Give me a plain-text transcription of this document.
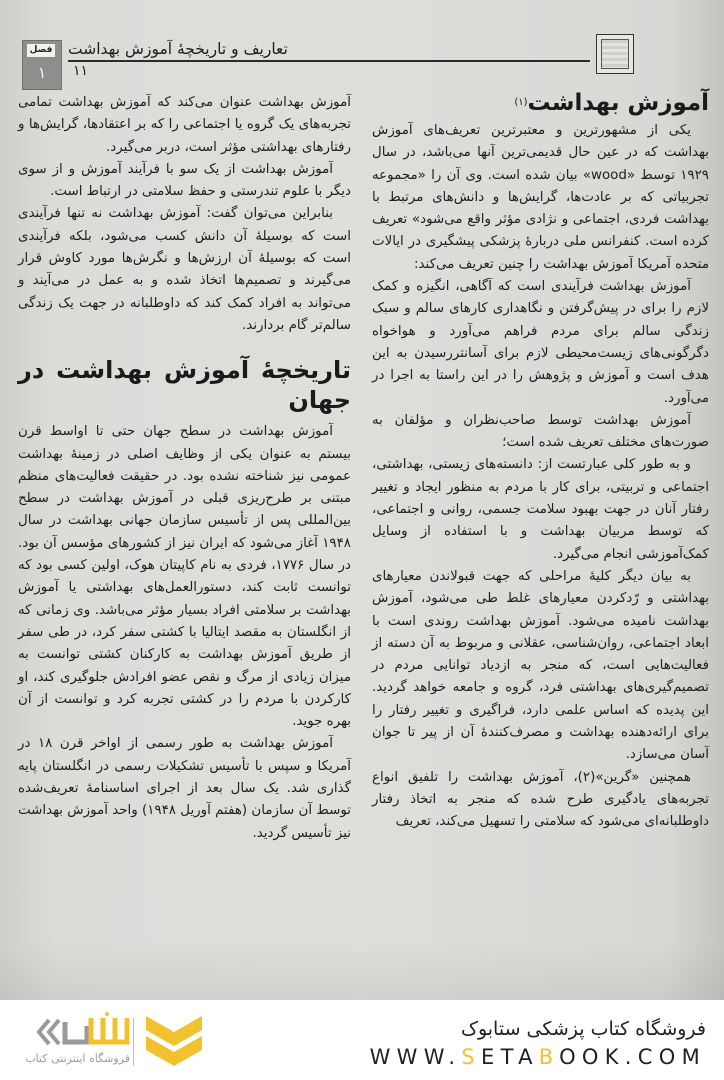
فصل
۱
تعاریف و تاریخچهٔ آموزش بهداشت
۱۱
آموزش بهداشت$^{(۱)}$

یکی از مشهورترین و معتبرترین تعریف‌های آموزش بهداشت که در عین حال قدیمی‌ترین آنها می‌باشد، در سال ۱۹۲۹ توسط «wood» بیان شده است. وی آن را «مجموعه تجربیاتی که بر عادت‌ها، گرایش‌ها و دانش‌های مرتبط با بهداشت فردی، اجتماعی و نژادی مؤثر واقع می‌شود» تعریف کرده است. کنفرانس ملی دربارهٔ پزشکی پیشگیری در ایالات متحده آمریکا آموزش بهداشت را چنین تعریف می‌کند:

آموزش بهداشت فرآیندی است که آگاهی، انگیزه و کمک لازم را برای در پیش‌گرفتن و نگاهداری کارهای سالم و سبک زندگی سالم برای مردم فراهم می‌آورد و هواخواه دگرگونی‌های زیست‌محیطی لازم برای آسانتررسیدن به این هدف است و آموزش و پژوهش را در این راستا به اجرا در می‌آورد.

آموزش بهداشت توسط صاحب‌نظران و مؤلفان به صورت‌های مختلف تعریف شده است؛

و به طور کلی عبارتست از: دانسته‌های زیستی، بهداشتی، اجتماعی و تربیتی، برای کار با مردم به منظور ایجاد و تغییر رفتار آنان در جهت بهبود سلامت جسمی، روانی و اجتماعی، که توسط مربیان بهداشت و با استفاده از وسایل کمک‌آموزشی انجام می‌گیرد.

به بیان دیگر کلیهٔ مراحلی که جهت قبولاندن معیارهای بهداشتی و رّدکردن معیارهای غلط طی می‌شود، آموزش بهداشت نامیده می‌شود. آموزش بهداشت روندی است با ابعاد اجتماعی، روان‌شناسی، عقلانی و مربوط به آن دسته از فعالیت‌هایی است، که منجر به ازدیاد توانایی مردم در تصمیم‌گیری‌های بهداشتی فرد، گروه و جامعه خواهد گردید. این پدیده که اساس علمی دارد، فراگیری و تغییر رفتار را برای ارائه‌دهنده بهداشت و مصرف‌کنندهٔ آن از پیر تا جوان آسان می‌سازد.

همچنین «گرین»(۲)، آموزش بهداشت را تلفیق انواع تجربه‌های یادگیری طرح شده که منجر به اتخاذ رفتار داوطلبانه‌ای می‌شود که سلامتی را تسهیل می‌کند، تعریف

آموزش بهداشت عنوان می‌کند که آموزش بهداشت تمامی تجربه‌های یک گروه یا اجتماعی را که بر اعتقادها، گرایش‌ها و رفتارهای بهداشتی مؤثر است، دربر می‌گیرد.

آموزش بهداشت از یک سو با فرآیند آموزش و از سوی دیگر با علوم تندرستی و حفظ سلامتی در ارتباط است.

بنابراین می‌توان گفت: آموزش بهداشت نه تنها فرآیندی است که بوسیلهٔ آن دانش کسب می‌شود، بلکه فرآیندی است که بوسیلهٔ آن ارزش‌ها و نگرش‌ها مورد کاوش قرار می‌گیرند و تصمیم‌ها اتخاذ شده و به عمل در می‌آیند و می‌تواند به افراد کمک کند که داوطلبانه در جهت یک زندگی سالم‌تر گام بردارند.

تاریخچهٔ آموزش بهداشت در جهان

آموزش بهداشت در سطح جهان حتی تا اواسط قرن بیستم به عنوان یکی از وظایف اصلی در زمینهٔ بهداشت عمومی نیز شناخته نشده بود. در حقیقت فعالیت‌های منظم مبتنی بر طرح‌ریزی قبلی در آموزش بهداشت در سطح بین‌المللی پس از تأسیس سازمان جهانی بهداشت در سال ۱۹۴۸ آغاز می‌شود که ایران نیز از کشورهای مؤسس آن بود. در سال ۱۷۷۶، فردی به نام کاپیتان هوک، اولین کسی بود که توانست ثابت کند، دستورالعمل‌های بهداشتی یا آموزش بهداشت بر سلامتی افراد بسیار مؤثر می‌باشد. وی زمانی که از انگلستان به مقصد ایتالیا با کشتی سفر کرد، در طی سفر از طریق آموزش بهداشت به کارکنان کشتی توانست به میزان زیادی از مرگ و نقص عضو افرادش جلوگیری کند، او کارکردن با مردم را در کشتی تجربه کرد و توانست از آن بهره جوید.

آموزش بهداشت به طور رسمی از اواخر قرن ۱۸ در آمریکا و سپس با تأسیس تشکیلات رسمی در انگلستان پایه گذاری شد. یک سال بعد از اجرای اساسنامهٔ تعریف‌شده توسط آن سازمان (هفتم آوریل ۱۹۴۸) واحد آموزش بهداشت نیز تأسیس گردید.

فروشگاه اینترنتی کتاب
فروشگاه کتاب پزشکی ستابوک
WWW.SETABOOK.COM
